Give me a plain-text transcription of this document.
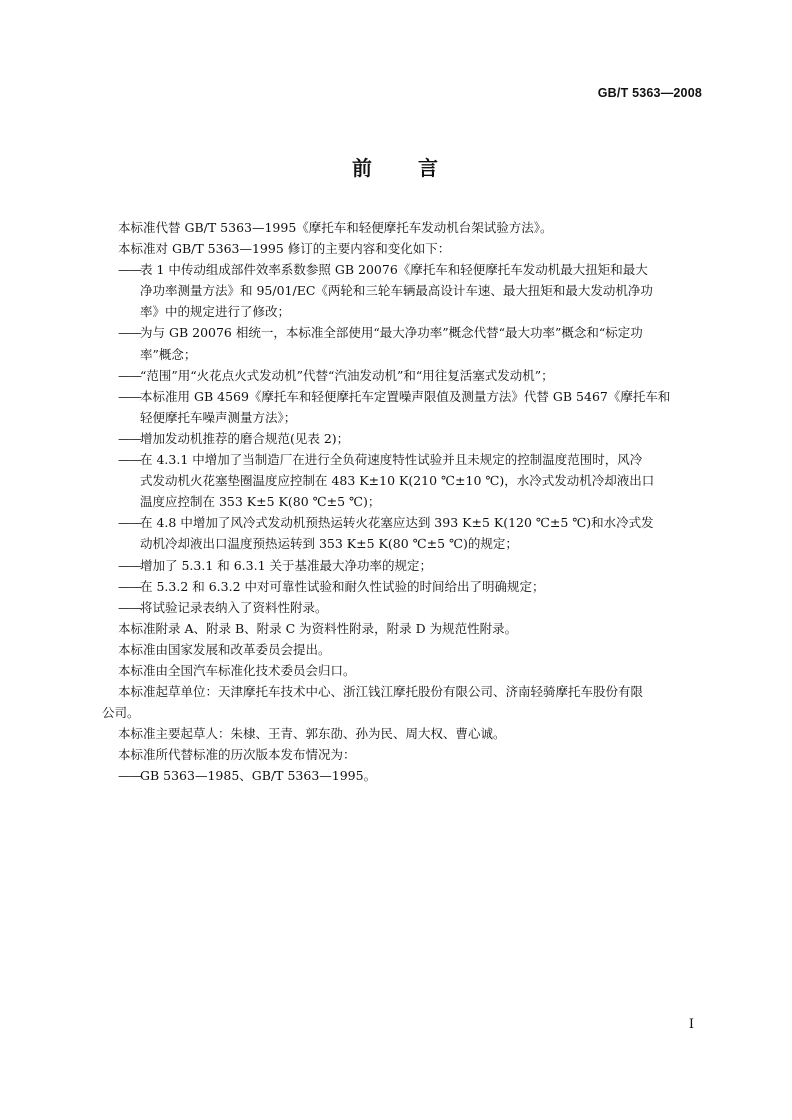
GB/T 5363—2008
前 言
本标准代替 GB/T 5363—1995《摩托车和轻便摩托车发动机台架试验方法》。
本标准对 GB/T 5363—1995 修订的主要内容和变化如下：
——表 1 中传动组成部件效率系数参照 GB 20076《摩托车和轻便摩托车发动机最大扭矩和最大
净功率测量方法》和 95/01/EC《两轮和三轮车辆最高设计车速、最大扭矩和最大发动机净功
率》中的规定进行了修改；
——为与 GB 20076 相统一，本标准全部使用“最大净功率”概念代替“最大功率”概念和“标定功
率”概念；
——“范围”用“火花点火式发动机”代替“汽油发动机”和“用往复活塞式发动机”；
——本标准用 GB 4569《摩托车和轻便摩托车定置噪声限值及测量方法》代替 GB 5467《摩托车和
轻便摩托车噪声测量方法》；
——增加发动机推荐的磨合规范(见表 2)；
——在 4.3.1 中增加了当制造厂在进行全负荷速度特性试验并且未规定的控制温度范围时，风冷
式发动机火花塞垫圈温度应控制在 483 K±10 K(210 ℃±10 ℃)，水冷式发动机冷却液出口
温度应控制在 353 K±5 K(80 ℃±5 ℃)；
——在 4.8 中增加了风冷式发动机预热运转火花塞应达到 393 K±5 K(120 ℃±5 ℃)和水冷式发
动机冷却液出口温度预热运转到 353 K±5 K(80 ℃±5 ℃)的规定；
——增加了 5.3.1 和 6.3.1 关于基准最大净功率的规定；
——在 5.3.2 和 6.3.2 中对可靠性试验和耐久性试验的时间给出了明确规定；
——将试验记录表纳入了资料性附录。
本标准附录 A、附录 B、附录 C 为资料性附录，附录 D 为规范性附录。
本标准由国家发展和改革委员会提出。
本标准由全国汽车标准化技术委员会归口。
本标准起草单位：天津摩托车技术中心、浙江钱江摩托股份有限公司、济南轻骑摩托车股份有限
公司。
本标准主要起草人：朱棣、王青、郭东劭、孙为民、周大权、曹心诚。
本标准所代替标准的历次版本发布情况为：
——GB 5363—1985、GB/T 5363—1995。
I
